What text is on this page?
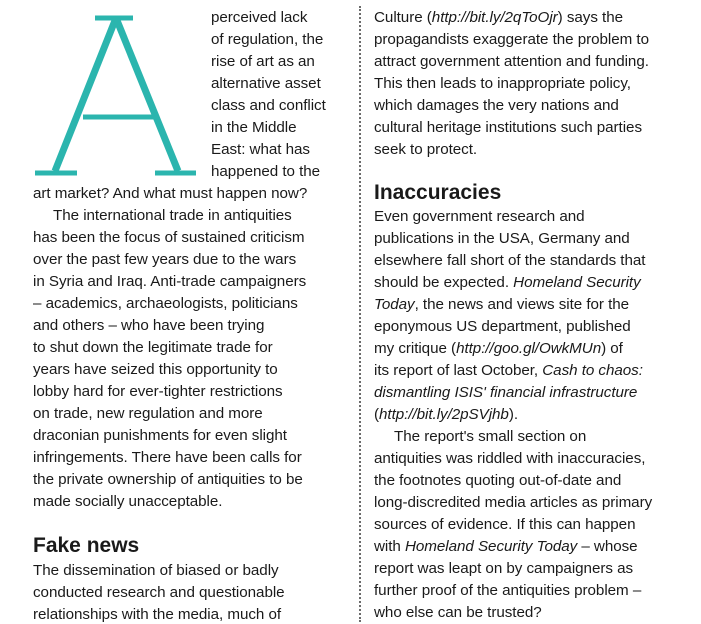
perceived lack
of regulation, the
rise of art as an
alternative asset
class and conflict
in the Middle
East: what has
happened to the
art market? And what must happen now?
The international trade in antiquities
has been the focus of sustained criticism
over the past few years due to the wars
in Syria and Iraq. Anti-trade campaigners
– academics, archaeologists, politicians
and others – who have been trying
to shut down the legitimate trade for
years have seized this opportunity to
lobby hard for ever-tighter restrictions
on trade, new regulation and more
draconian punishments for even slight
infringements. There have been calls for
the private ownership of antiquities to be
made socially unacceptable.
Fake news
The dissemination of biased or badly
conducted research and questionable
relationships with the media, much of
Culture (http://bit.ly/2qToOjr) says the
propagandists exaggerate the problem to
attract government attention and funding.
This then leads to inappropriate policy,
which damages the very nations and
cultural heritage institutions such parties
seek to protect.
Inaccuracies
Even government research and
publications in the USA, Germany and
elsewhere fall short of the standards that
should be expected. Homeland Security
Today, the news and views site for the
eponymous US department, published
my critique (http://goo.gl/OwkMUn) of
its report of last October, Cash to chaos:
dismantling ISIS' financial infrastructure
(http://bit.ly/2pSVjhb).
The report's small section on
antiquities was riddled with inaccuracies,
the footnotes quoting out-of-date and
long-discredited media articles as primary
sources of evidence. If this can happen
with Homeland Security Today – whose
report was leapt on by campaigners as
further proof of the antiquities problem –
who else can be trusted?
